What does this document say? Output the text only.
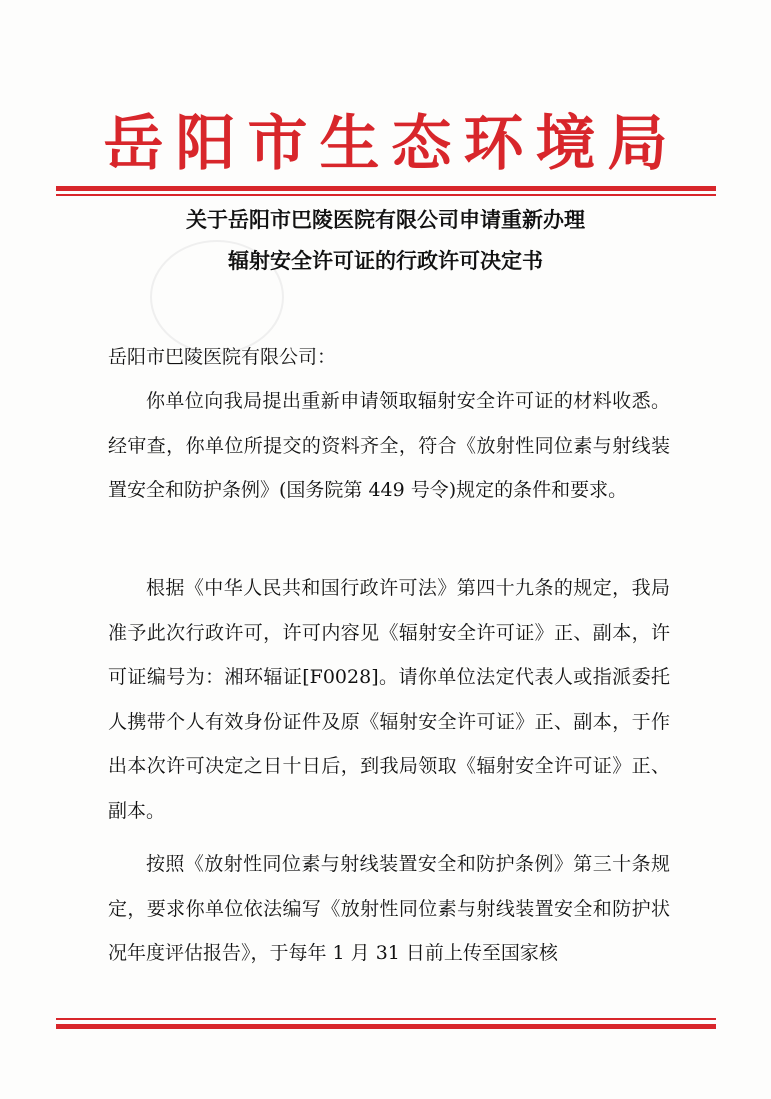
岳阳市生态环境局
关于岳阳市巴陵医院有限公司申请重新办理
辐射安全许可证的行政许可决定书
岳阳市巴陵医院有限公司：

你单位向我局提出重新申请领取辐射安全许可证的材料收悉。经审查，你单位所提交的资料齐全，符合《放射性同位素与射线装置安全和防护条例》(国务院第 449 号令)规定的条件和要求。

根据《中华人民共和国行政许可法》第四十九条的规定，我局准予此次行政许可，许可内容见《辐射安全许可证》正、副本，许可证编号为：湘环辐证[F0028]。请你单位法定代表人或指派委托人携带个人有效身份证件及原《辐射安全许可证》正、副本，于作出本次许可决定之日十日后，到我局领取《辐射安全许可证》正、副本。

按照《放射性同位素与射线装置安全和防护条例》第三十条规定，要求你单位依法编写《放射性同位素与射线装置安全和防护状况年度评估报告》，于每年 1 月 31 日前上传至国家核
